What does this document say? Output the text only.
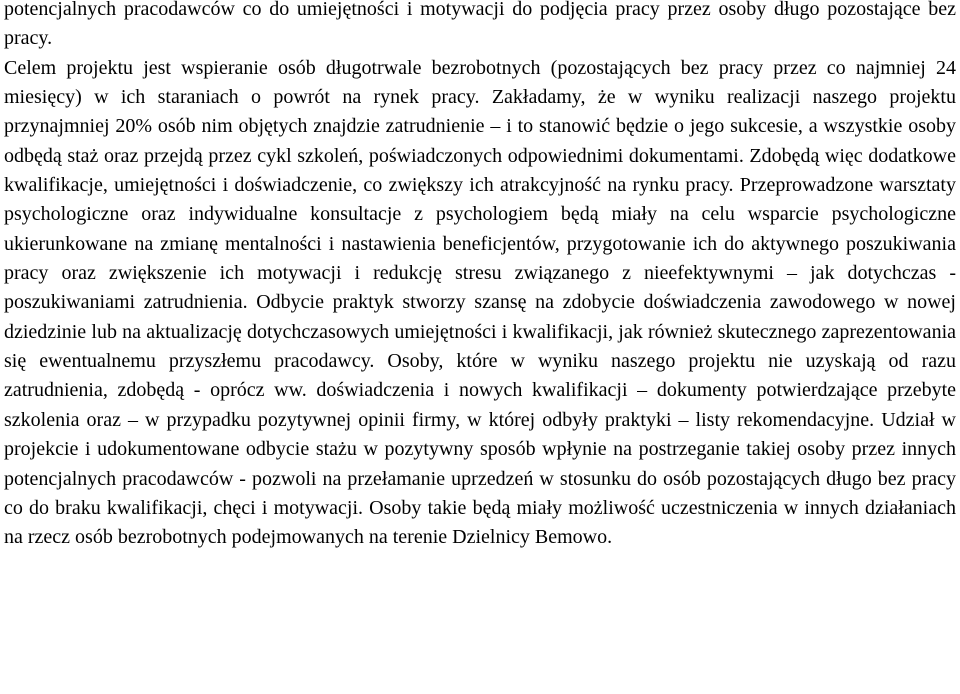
potencjalnych pracodawców co do umiejętności i motywacji do podjęcia pracy przez osoby długo pozostające bez pracy.

Celem projektu jest wspieranie osób długotrwale bezrobotnych (pozostających bez pracy przez co najmniej 24 miesięcy) w ich staraniach o powrót na rynek pracy. Zakładamy, że w wyniku realizacji naszego projektu przynajmniej 20% osób nim objętych znajdzie zatrudnienie – i to stanowić będzie o jego sukcesie, a wszystkie osoby odbędą staż oraz przejdą przez cykl szkoleń, poświadczonych odpowiednimi dokumentami. Zdobędą więc dodatkowe kwalifikacje, umiejętności i doświadczenie, co zwiększy ich atrakcyjność na rynku pracy. Przeprowadzone warsztaty psychologiczne oraz indywidualne konsultacje z psychologiem będą miały na celu wsparcie psychologiczne ukierunkowane na zmianę mentalności i nastawienia beneficjentów, przygotowanie ich do aktywnego poszukiwania pracy oraz zwiększenie ich motywacji i redukcję stresu związanego z nieefektywnymi – jak dotychczas - poszukiwaniami zatrudnienia. Odbycie praktyk stworzy szansę na zdobycie doświadczenia zawodowego w nowej dziedzinie lub na aktualizację dotychczasowych umiejętności i kwalifikacji, jak również skutecznego zaprezentowania się ewentualnemu przyszłemu pracodawcy. Osoby, które w wyniku naszego projektu nie uzyskają od razu zatrudnienia, zdobędą - oprócz ww. doświadczenia i nowych kwalifikacji – dokumenty potwierdzające przebyte szkolenia oraz – w przypadku pozytywnej opinii firmy, w której odbyły praktyki – listy rekomendacyjne. Udział w projekcie i udokumentowane odbycie stażu w pozytywny sposób wpłynie na postrzeganie takiej osoby przez innych potencjalnych pracodawców - pozwoli na przełamanie uprzedzeń w stosunku do osób pozostających długo bez pracy co do braku kwalifikacji, chęci i motywacji. Osoby takie będą miały możliwość uczestniczenia w innych działaniach na rzecz osób bezrobotnych podejmowanych na terenie Dzielnicy Bemowo.
